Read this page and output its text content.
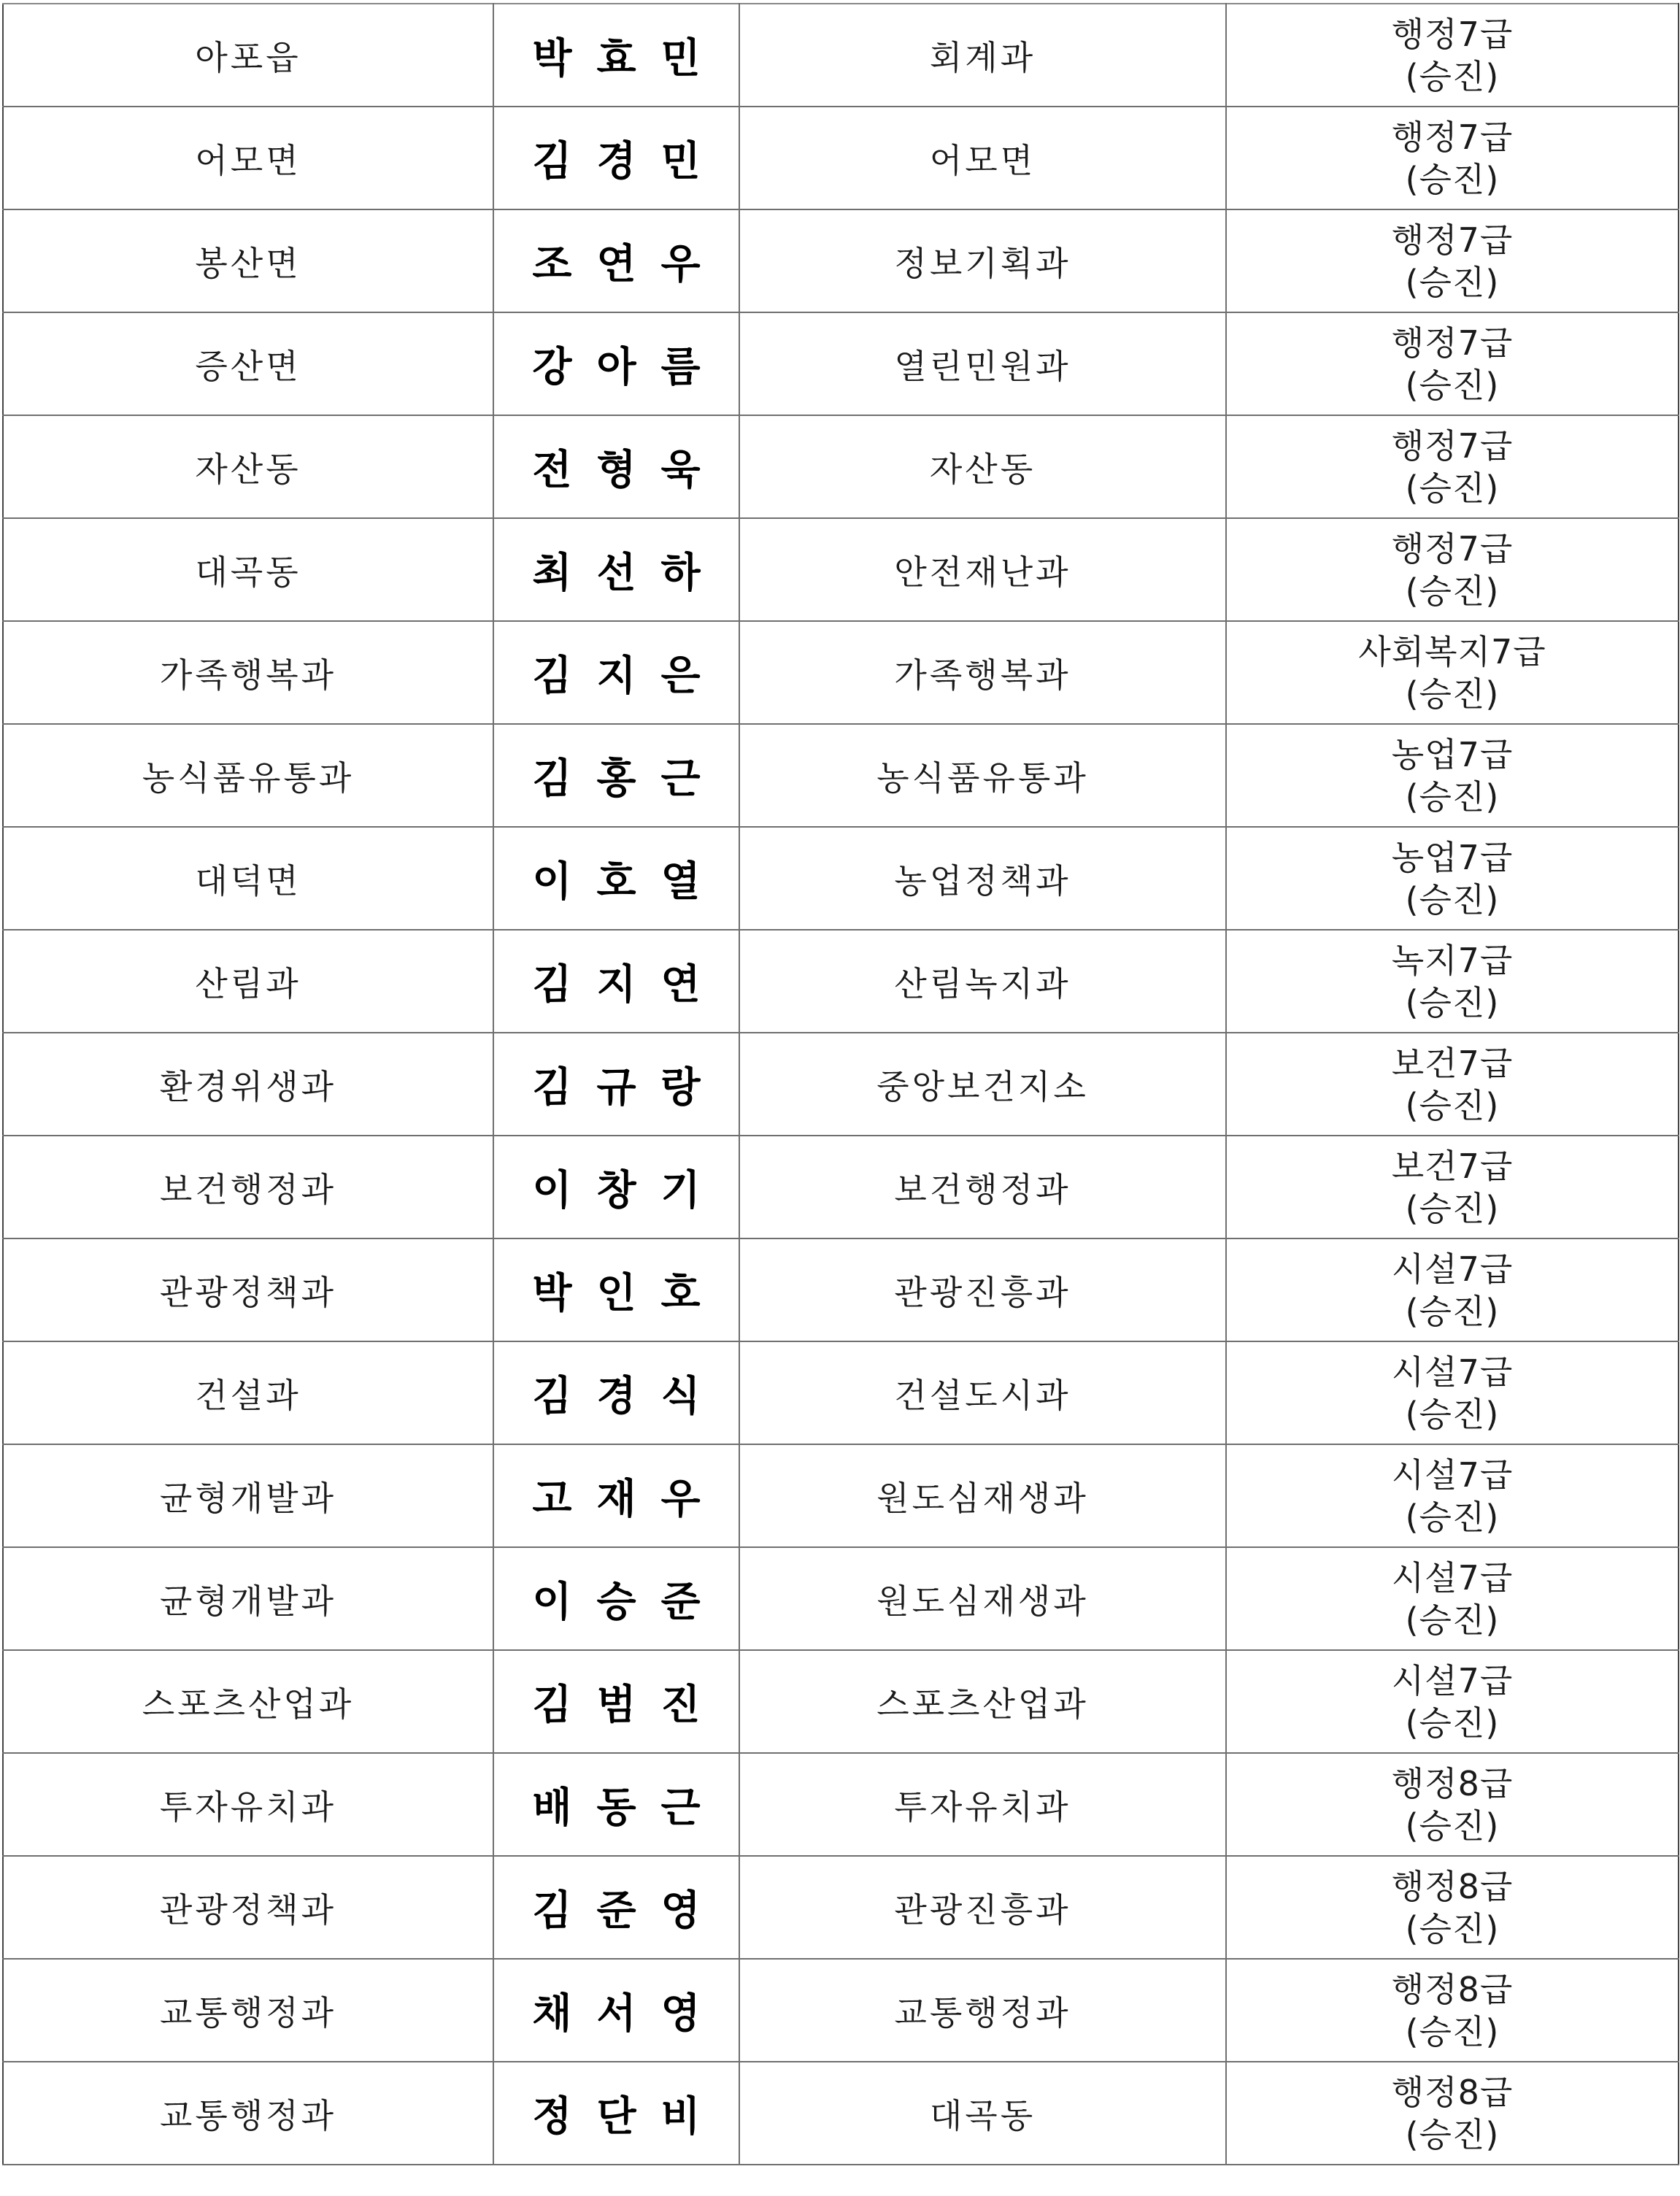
아포읍	박효민	회계과	행정7급
(승진)

어모면	김경민	어모면	행정7급
(승진)

봉산면	조연우	정보기획과	행정7급
(승진)

증산면	강아름	열린민원과	행정7급
(승진)

자산동	전형욱	자산동	행정7급
(승진)

대곡동	최선하	안전재난과	행정7급
(승진)

가족행복과	김지은	가족행복과	사회복지7급
(승진)

농식품유통과	김홍근	농식품유통과	농업7급
(승진)

대덕면	이호열	농업정책과	농업7급
(승진)

산림과	김지연	산림녹지과	녹지7급
(승진)

환경위생과	김규랑	중앙보건지소	보건7급
(승진)

보건행정과	이창기	보건행정과	보건7급
(승진)

관광정책과	박인호	관광진흥과	시설7급
(승진)

건설과	김경식	건설도시과	시설7급
(승진)

균형개발과	고재우	원도심재생과	시설7급
(승진)

균형개발과	이승준	원도심재생과	시설7급
(승진)

스포츠산업과	김범진	스포츠산업과	시설7급
(승진)

투자유치과	배동근	투자유치과	행정8급
(승진)

관광정책과	김준영	관광진흥과	행정8급
(승진)

교통행정과	채서영	교통행정과	행정8급
(승진)

교통행정과	정단비	대곡동	행정8급
(승진)
